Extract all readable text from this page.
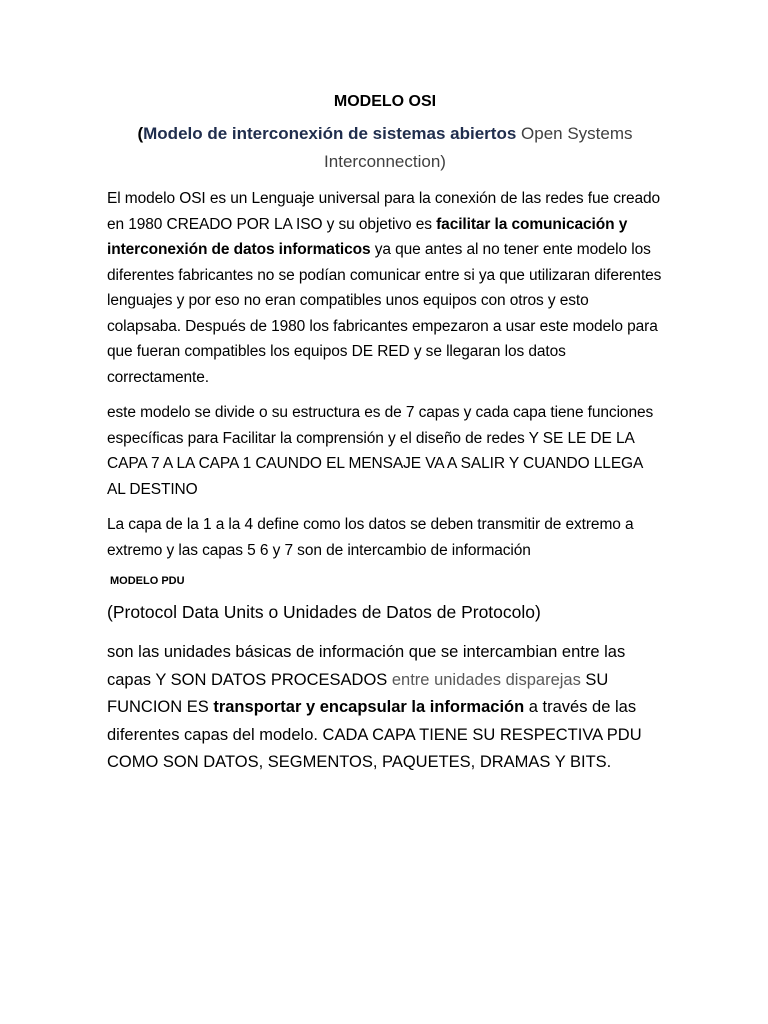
MODELO OSI
(Modelo de interconexión de sistemas abiertos Open Systems Interconnection)

El modelo OSI es un Lenguaje universal para la conexión de las redes fue creado en 1980 CREADO POR LA ISO y su objetivo es facilitar la comunicación y interconexión de datos informaticos ya que antes al no tener ente modelo los diferentes fabricantes no se podían comunicar entre si ya que utilizaran diferentes lenguajes y por eso no eran compatibles unos equipos con otros y esto colapsaba. Después de 1980 los fabricantes empezaron a usar este modelo para que fueran compatibles los equipos DE RED y se llegaran los datos correctamente.

este modelo se divide o su estructura es de 7 capas y cada capa tiene funciones específicas para Facilitar la comprensión y el diseño de redes Y SE LE DE LA CAPA 7 A LA CAPA 1 CAUNDO EL MENSAJE VA A SALIR Y CUANDO LLEGA AL DESTINO

La capa de la 1 a la 4 define como los datos se deben transmitir de extremo a extremo y las capas 5 6 y 7 son de intercambio de información

MODELO PDU
(Protocol Data Units o Unidades de Datos de Protocolo)

son las unidades básicas de información que se intercambian entre las capas Y SON DATOS PROCESADOS entre unidades disparejas SU FUNCION ES transportar y encapsular la información a través de las diferentes capas del modelo. CADA CAPA TIENE SU RESPECTIVA PDU COMO SON DATOS, SEGMENTOS, PAQUETES, DRAMAS Y BITS.
